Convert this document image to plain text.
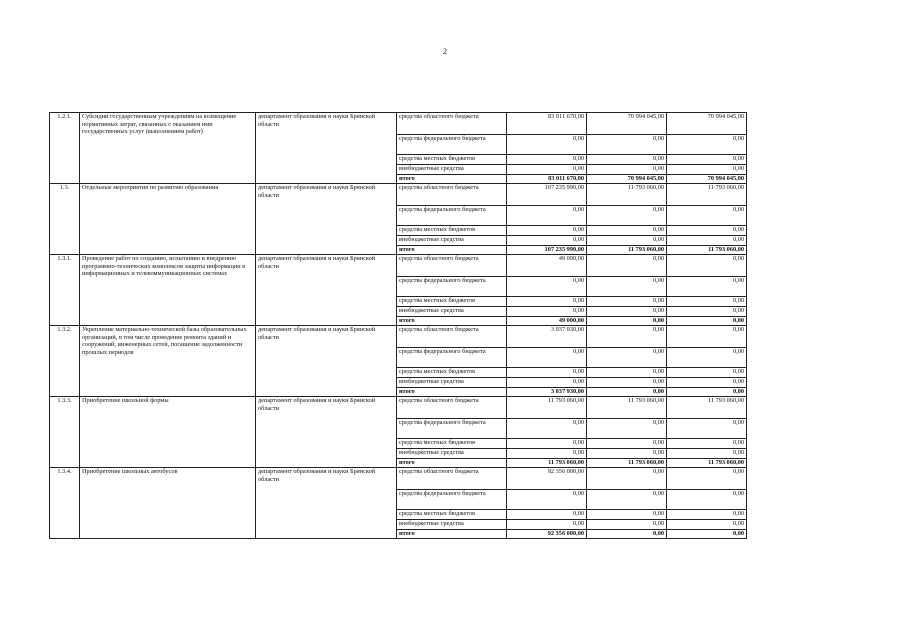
2
1.2.1.	Субсидии государственным учреждениям на возмещение нормативных затрат, связанных с оказанием ими государственных услуг (выполнением работ)	департамент образования и науки Брянской области	средства областного бюджета	83 011 670,00	70 994 045,00	70 994 045,00
			средства федерального бюджета	0,00	0,00	0,00
			средства местных бюджетов	0,00	0,00	0,00
			внебюджетные средства	0,00	0,00	0,00
			итого	83 011 670,00	70 994 045,00	70 994 045,00
1.3.	Отдельные мероприятия по развитию образования	департамент образования и науки Брянской области	средства областного бюджета	107 235 990,00	11 793 060,00	11 793 060,00
			средства федерального бюджета	0,00	0,00	0,00
			средства местных бюджетов	0,00	0,00	0,00
			внебюджетные средства	0,00	0,00	0,00
			итого	107 235 990,00	11 793 060,00	11 793 060,00
1.3.1.	Проведение работ по созданию, испытанию и внедрению программно-технических комплексов защиты информации в информационных и телекоммуникационных системах	департамент образования и науки Брянской области	средства областного бюджета	49 000,00	0,00	0,00
			средства федерального бюджета	0,00	0,00	0,00
			средства местных бюджетов	0,00	0,00	0,00
			внебюджетные средства	0,00	0,00	0,00
			итого	49 000,00	0,00	0,00
1.3.2.	Укрепление материально-технической базы образовательных организаций, в том числе проведение ремонта зданий и сооружений, инженерных сетей, погашение задолженности прошлых периодов	департамент образования и науки Брянской области	средства областного бюджета	3 037 930,00	0,00	0,00
			средства федерального бюджета	0,00	0,00	0,00
			средства местных бюджетов	0,00	0,00	0,00
			внебюджетные средства	0,00	0,00	0,00
			итого	3 037 930,00	0,00	0,00
1.3.3.	Приобретение школьной формы	департамент образования и науки Брянской области	средства областного бюджета	11 793 060,00	11 793 060,00	11 793 060,00
			средства федерального бюджета	0,00	0,00	0,00
			средства местных бюджетов	0,00	0,00	0,00
			внебюджетные средства	0,00	0,00	0,00
			итого	11 793 060,00	11 793 060,00	11 793 060,00
1.3.4.	Приобретение школьных автобусов	департамент образования и науки Брянской области	средства областного бюджета	92 356 000,00	0,00	0,00
			средства федерального бюджета	0,00	0,00	0,00
			средства местных бюджетов	0,00	0,00	0,00
			внебюджетные средства	0,00	0,00	0,00
			итого	92 356 000,00	0,00	0,00
